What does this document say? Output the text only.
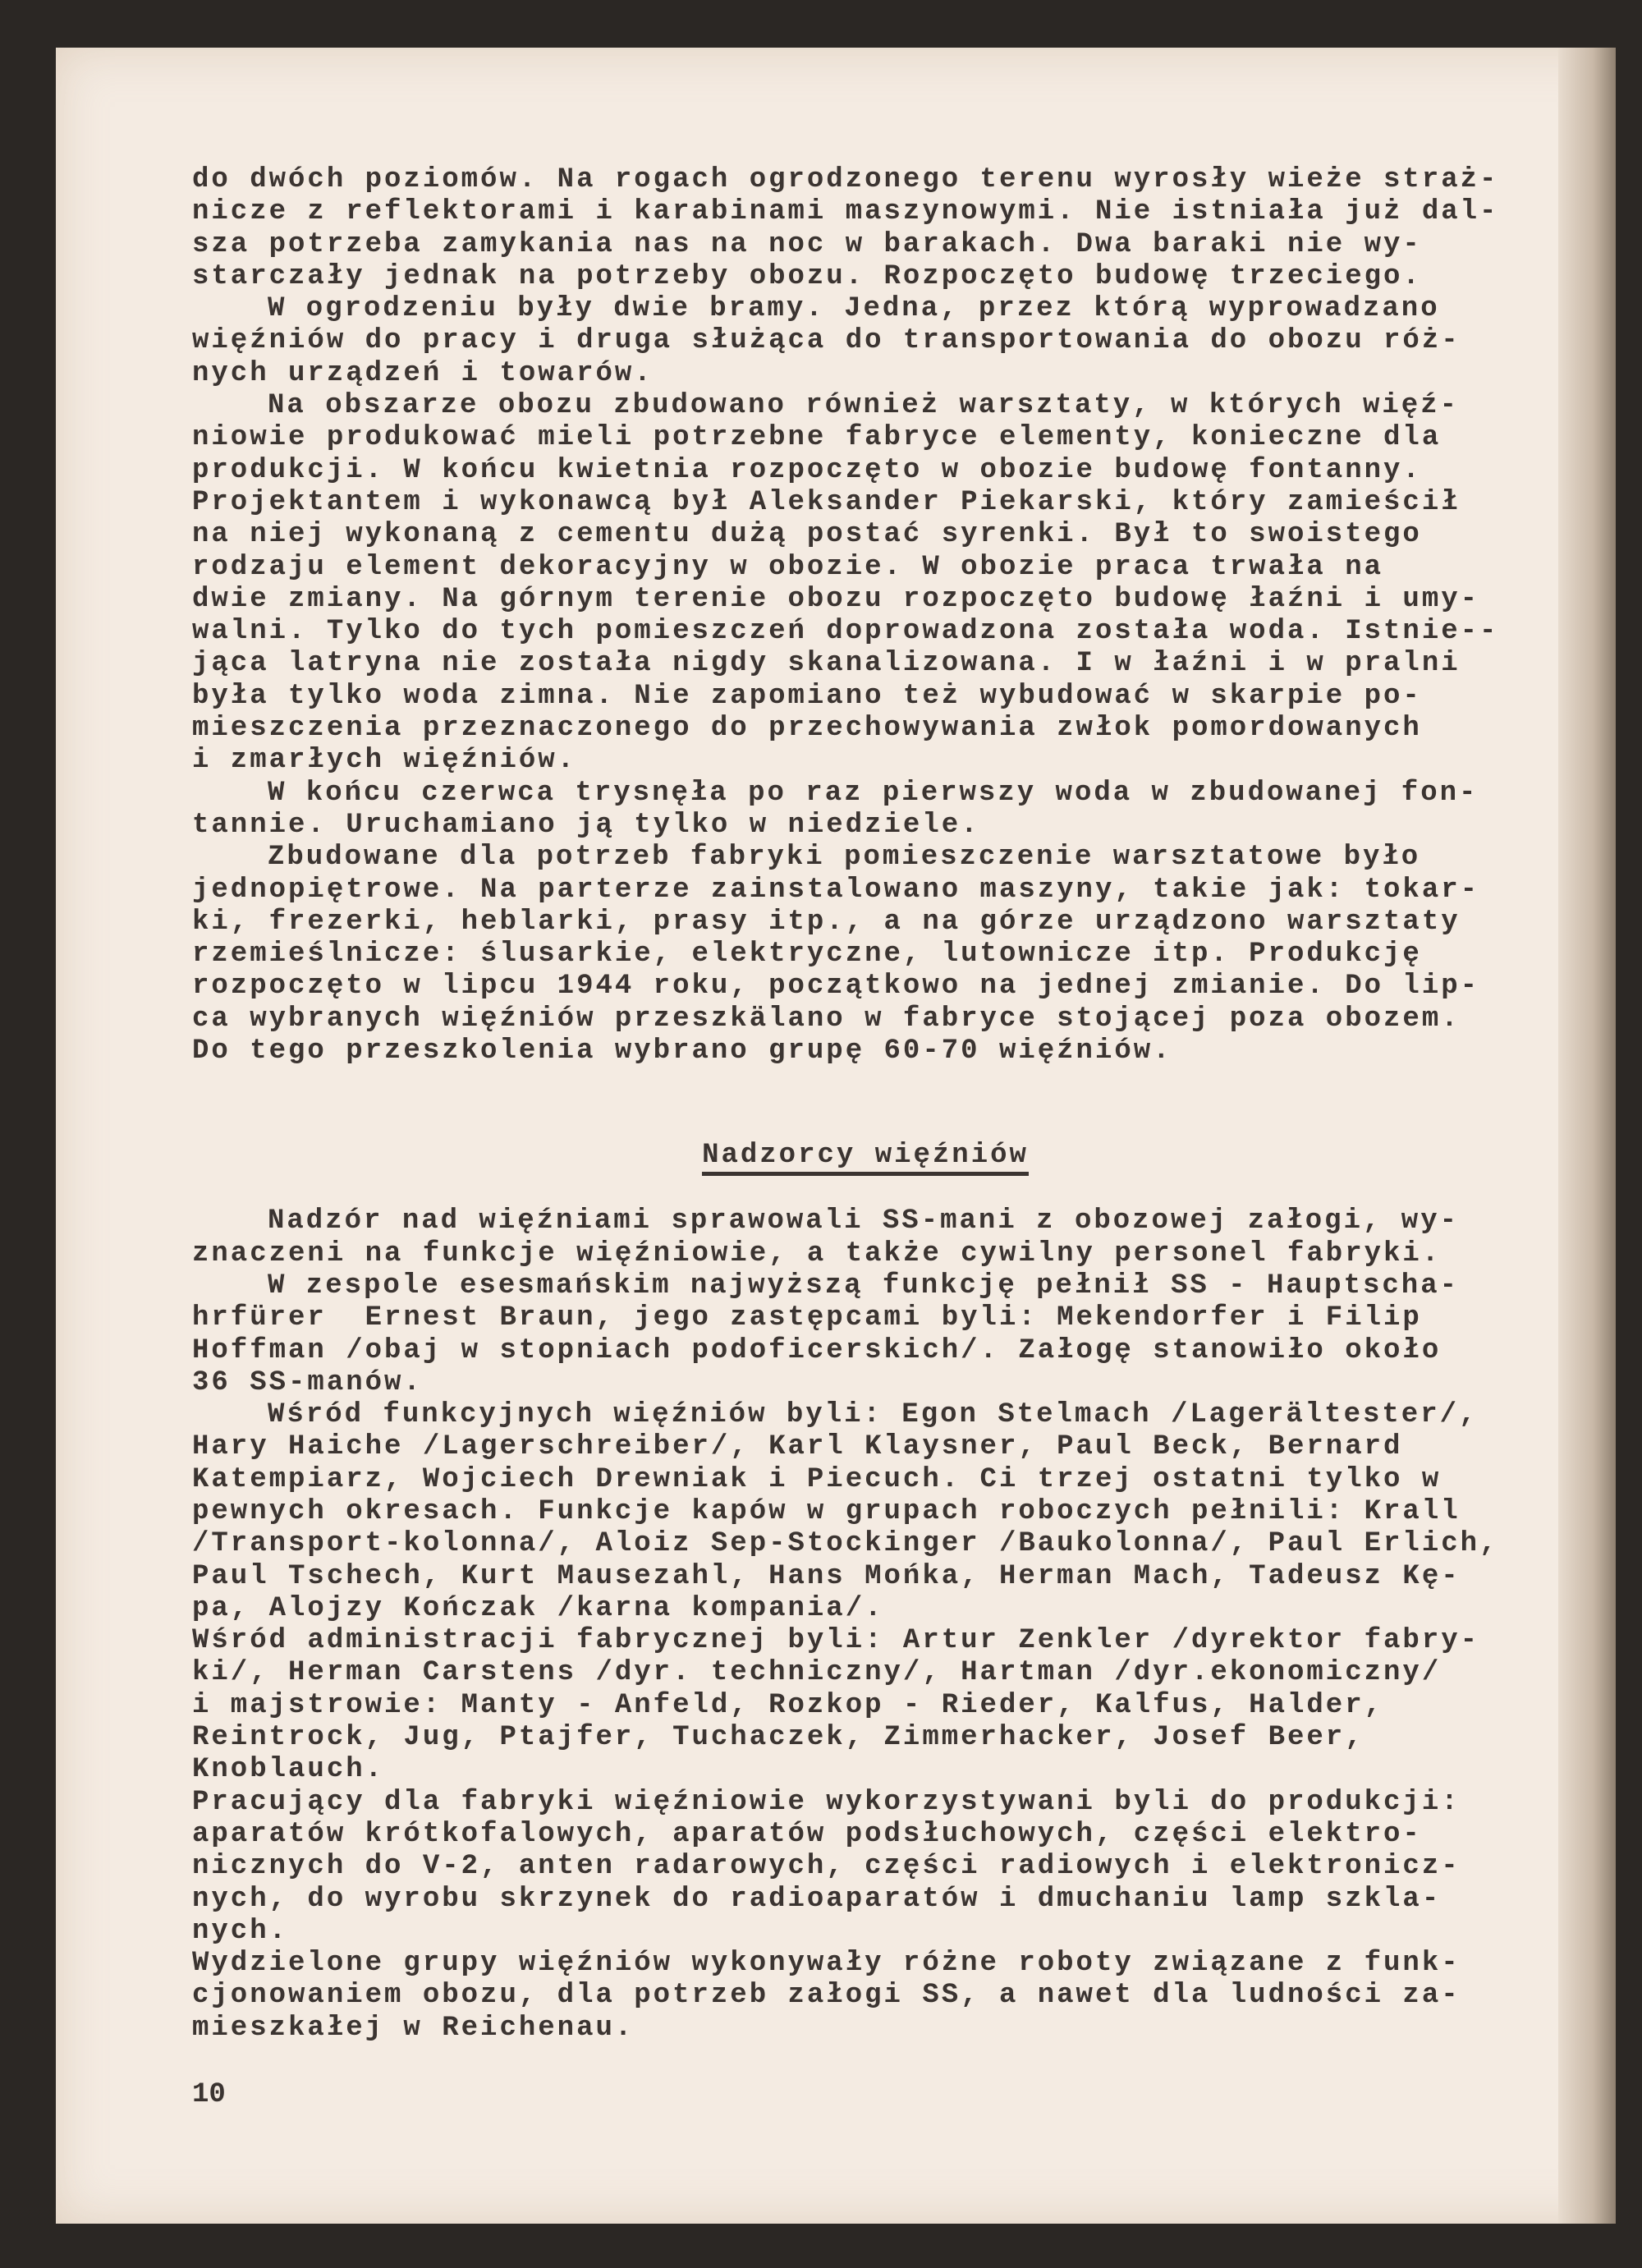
do dwóch poziomów. Na rogach ogrodzonego terenu wyrosły wieże straż-
nicze z reflektorami i karabinami maszynowymi. Nie istniała już dal-
sza potrzeba zamykania nas na noc w barakach. Dwa baraki nie wy-
starczały jednak na potrzeby obozu. Rozpoczęto budowę trzeciego.
W ogrodzeniu były dwie bramy. Jedna, przez którą wyprowadzano
więźniów do pracy i druga służąca do transportowania do obozu róż-
nych urządzeń i towarów.
Na obszarze obozu zbudowano również warsztaty, w których więź-
niowie produkować mieli potrzebne fabryce elementy, konieczne dla
produkcji. W końcu kwietnia rozpoczęto w obozie budowę fontanny.
Projektantem i wykonawcą był Aleksander Piekarski, który zamieścił
na niej wykonaną z cementu dużą postać syrenki. Był to swoistego
rodzaju element dekoracyjny w obozie. W obozie praca trwała na
dwie zmiany. Na górnym terenie obozu rozpoczęto budowę łaźni i umy-
walni. Tylko do tych pomieszczeń doprowadzona została woda. Istnie--
jąca latryna nie została nigdy skanalizowana. I w łaźni i w pralni
była tylko woda zimna. Nie zapomiano też wybudować w skarpie po-
mieszczenia przeznaczonego do przechowywania zwłok pomordowanych
i zmarłych więźniów.
W końcu czerwca trysnęła po raz pierwszy woda w zbudowanej fon-
tannie. Uruchamiano ją tylko w niedziele.
Zbudowane dla potrzeb fabryki pomieszczenie warsztatowe było
jednopiętrowe. Na parterze zainstalowano maszyny, takie jak: tokar-
ki, frezerki, heblarki, prasy itp., a na górze urządzono warsztaty
rzemieślnicze: ślusarkie, elektryczne, lutownicze itp. Produkcję
rozpoczęto w lipcu 1944 roku, początkowo na jednej zmianie. Do lip-
ca wybranych więźniów przeszkälano w fabryce stojącej poza obozem.
Do tego przeszkolenia wybrano grupę 60-70 więźniów.
Nadzorcy więźniów
Nadzór nad więźniami sprawowali SS-mani z obozowej załogi, wy-
znaczeni na funkcje więźniowie, a także cywilny personel fabryki.
W zespole esesmańskim najwyższą funkcję pełnił SS - Hauptscha-
hrfürer  Ernest Braun, jego zastępcami byli: Mekendorfer i Filip
Hoffman /obaj w stopniach podoficerskich/. Załogę stanowiło około
36 SS-manów.
Wśród funkcyjnych więźniów byli: Egon Stelmach /Lagerältester/,
Hary Haiche /Lagerschreiber/, Karl Klaysner, Paul Beck, Bernard
Katempiarz, Wojciech Drewniak i Piecuch. Ci trzej ostatni tylko w
pewnych okresach. Funkcje kapów w grupach roboczych pełnili: Krall
/Transport-kolonna/, Aloiz Sep-Stockinger /Baukolonna/, Paul Erlich,
Paul Tschech, Kurt Mausezahl, Hans Mońka, Herman Mach, Tadeusz Kę-
pa, Alojzy Kończak /karna kompania/.
Wśród administracji fabrycznej byli: Artur Zenkler /dyrektor fabry-
ki/, Herman Carstens /dyr. techniczny/, Hartman /dyr.ekonomiczny/
i majstrowie: Manty - Anfeld, Rozkop - Rieder, Kalfus, Halder,
Reintrock, Jug, Ptajfer, Tuchaczek, Zimmerhacker, Josef Beer,
Knoblauch.
Pracujący dla fabryki więźniowie wykorzystywani byli do produkcji:
aparatów krótkofalowych, aparatów podsłuchowych, części elektro-
nicznych do V-2, anten radarowych, części radiowych i elektronicz-
nych, do wyrobu skrzynek do radioaparatów i dmuchaniu lamp szkla-
nych.
Wydzielone grupy więźniów wykonywały różne roboty związane z funk-
cjonowaniem obozu, dla potrzeb załogi SS, a nawet dla ludności za-
mieszkałej w Reichenau.
10
